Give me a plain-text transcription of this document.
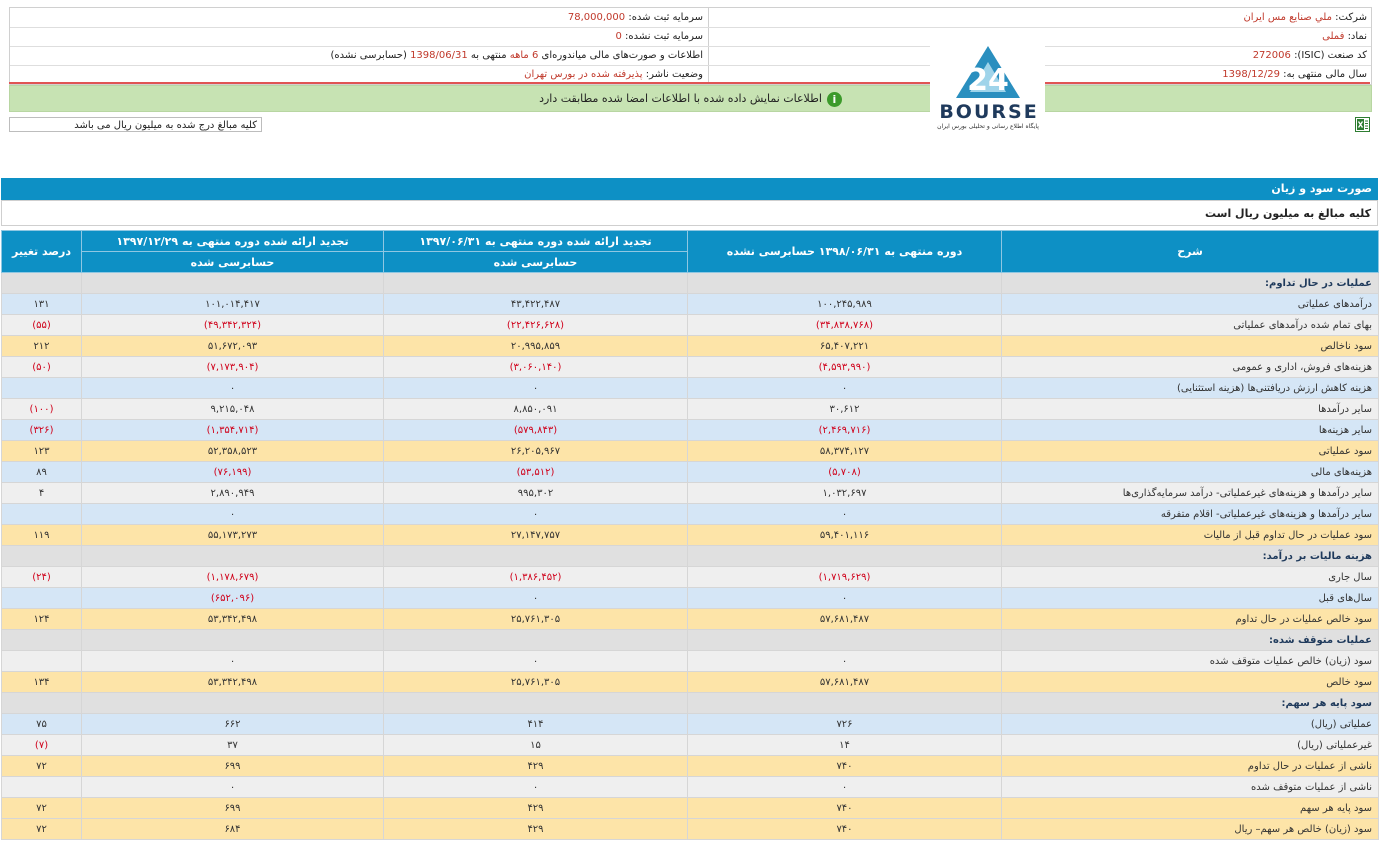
شرکت: ملي صنايع مس ايران
سرمایه ثبت شده: 78,000,000
نماد: فملی
سرمایه ثبت نشده: 0
کد صنعت (ISIC): 272006
اطلاعات و صورت‌های مالی میاندوره‌ای 6 ماهه منتهی به 1398/06/31 (حسابرسی نشده)
سال مالی منتهی به: 1398/12/29
وضعیت ناشر: پذیرفته شده در بورس تهران
iاطلاعات نمایش داده شده با اطلاعات امضا شده مطابقت دارد
کلیه مبالغ درج شده به میلیون ریال می باشد
24
BOURSE
پایگاه اطلاع رسانی و تحلیلی بورس ایران
صورت سود و زیان
کلیه مبالغ به میلیون ریال است
شرح	دوره منتهی به ۱۳۹۸/۰۶/۳۱ حسابرسی نشده	تجدید ارائه شده دوره منتهی به ۱۳۹۷/۰۶/۳۱	تجدید ارائه شده دوره منتهی به ۱۳۹۷/۱۲/۲۹	درصد تغییر
		حسابرسی شده	حسابرسی شده	
عملیات در حال تداوم:				
درآمدهای عملیاتی	۱۰۰,۲۴۵,۹۸۹	۴۳,۴۲۲,۴۸۷	۱۰۱,۰۱۴,۴۱۷	۱۳۱
بهای تمام شده درآمدهای عملیاتی	(۳۴,۸۳۸,۷۶۸)	(۲۲,۴۲۶,۶۲۸)	(۴۹,۳۴۲,۳۲۴)	(۵۵)
سود ناخالص	۶۵,۴۰۷,۲۲۱	۲۰,۹۹۵,۸۵۹	۵۱,۶۷۲,۰۹۳	۲۱۲
هزینه‌های فروش، اداری و عمومی	(۴,۵۹۳,۹۹۰)	(۳,۰۶۰,۱۴۰)	(۷,۱۷۳,۹۰۴)	(۵۰)
هزینه کاهش ارزش دریافتنی‌ها (هزینه استثنایی)	۰	۰	۰	
سایر درآمدها	۳۰,۶۱۲	۸,۸۵۰,۰۹۱	۹,۲۱۵,۰۴۸	(۱۰۰)
سایر هزینه‌ها	(۲,۴۶۹,۷۱۶)	(۵۷۹,۸۴۳)	(۱,۳۵۴,۷۱۴)	(۳۲۶)
سود عملیاتی	۵۸,۳۷۴,۱۲۷	۲۶,۲۰۵,۹۶۷	۵۲,۳۵۸,۵۲۳	۱۲۳
هزینه‌های مالی	(۵,۷۰۸)	(۵۳,۵۱۲)	(۷۶,۱۹۹)	۸۹
سایر درآمدها و هزینه‌های غیرعملیاتی- درآمد سرمایه‌گذاری‌ها	۱,۰۳۲,۶۹۷	۹۹۵,۳۰۲	۲,۸۹۰,۹۴۹	۴
سایر درآمدها و هزینه‌های غیرعملیاتی- اقلام متفرقه	۰	۰	۰	
سود عملیات در حال تداوم قبل از مالیات	۵۹,۴۰۱,۱۱۶	۲۷,۱۴۷,۷۵۷	۵۵,۱۷۳,۲۷۳	۱۱۹
هزینه مالیات بر درآمد:				
سال جاری	(۱,۷۱۹,۶۲۹)	(۱,۳۸۶,۴۵۲)	(۱,۱۷۸,۶۷۹)	(۲۴)
سال‌های قبل	۰	۰	(۶۵۲,۰۹۶)	
سود خالص عملیات در حال تداوم	۵۷,۶۸۱,۴۸۷	۲۵,۷۶۱,۳۰۵	۵۳,۳۴۲,۴۹۸	۱۲۴
عملیات متوقف شده:				
سود (زیان) خالص عملیات متوقف شده	۰	۰	۰	
سود خالص	۵۷,۶۸۱,۴۸۷	۲۵,۷۶۱,۳۰۵	۵۳,۳۴۲,۴۹۸	۱۳۴
سود پایه هر سهم:				
عملیاتی (ریال)	۷۲۶	۴۱۴	۶۶۲	۷۵
غیرعملیاتی (ریال)	۱۴	۱۵	۳۷	(۷)
ناشی از عملیات در حال تداوم	۷۴۰	۴۲۹	۶۹۹	۷۲
ناشی از عملیات متوقف شده	۰	۰	۰	
سود پایه هر سهم	۷۴۰	۴۲۹	۶۹۹	۷۲
سود (زیان) خالص هر سهم– ریال	۷۴۰	۴۲۹	۶۸۴	۷۲
